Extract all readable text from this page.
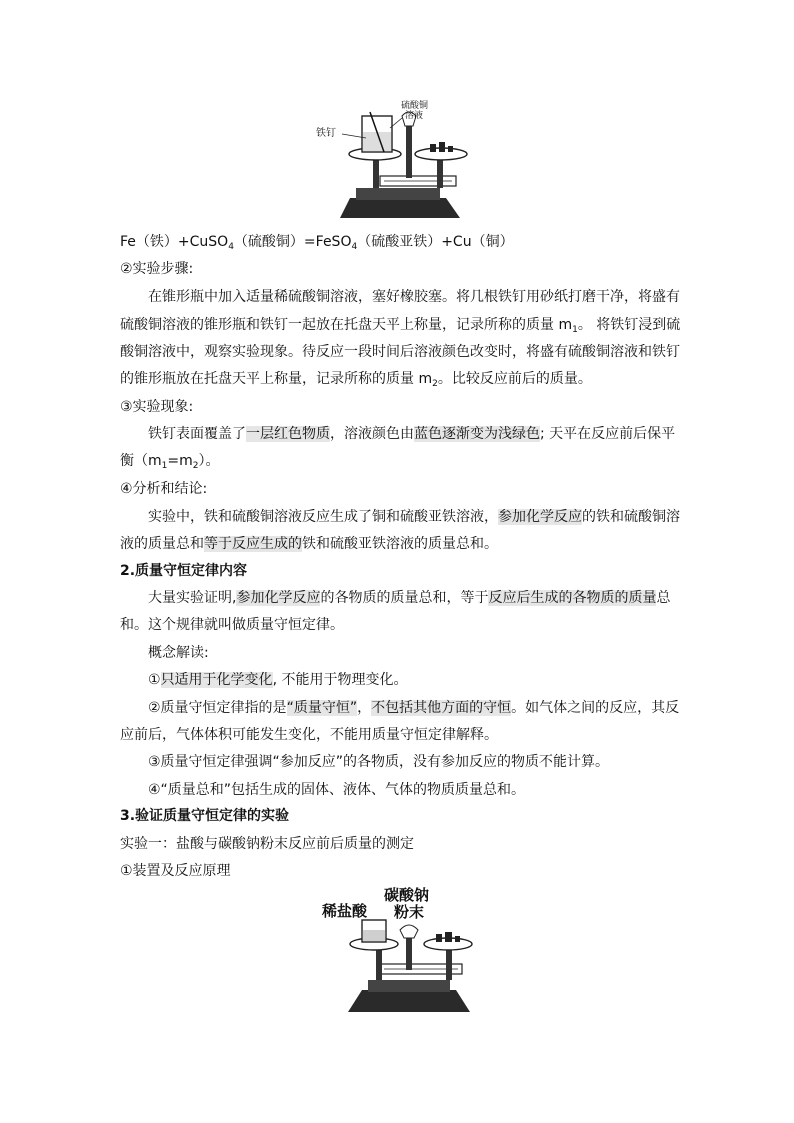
硫酸铜
溶液
铁钉
Fe（铁）+CuSO$_4$（硫酸铜）=FeSO$_4$（硫酸亚铁）+Cu（铜）
②实验步骤:
在锥形瓶中加入适量稀硫酸铜溶液，塞好橡胶塞。将几根铁钉用砂纸打磨干净，将盛有
硫酸铜溶液的锥形瓶和铁钉一起放在托盘天平上称量，记录所称的质量 $m_1$。 将铁钉浸到硫
酸铜溶液中，观察实验现象。待反应一段时间后溶液颜色改变时，将盛有硫酸铜溶液和铁钉
的锥形瓶放在托盘天平上称量，记录所称的质量 $m_2$。比较反应前后的质量。
③实验现象:
铁钉表面覆盖了一层红色物质，溶液颜色由蓝色逐渐变为浅绿色; 天平在反应前后保平
衡$(m_1=m_2)$。
④分析和结论:
实验中，铁和硫酸铜溶液反应生成了铜和硫酸亚铁溶液，参加化学反应的铁和硫酸铜溶
液的质量总和等于反应生成的铁和硫酸亚铁溶液的质量总和。
2.质量守恒定律内容
大量实验证明,参加化学反应的各物质的质量总和，等于反应后生成的各物质的质量总
和。这个规律就叫做质量守恒定律。
概念解读:
①只适用于化学变化, 不能用于物理变化。
②质量守恒定律指的是“质量守恒”，不包括其他方面的守恒。如气体之间的反应，其反
应前后，气体体积可能发生变化，不能用质量守恒定律解释。
③质量守恒定律强调“参加反应”的各物质，没有参加反应的物质不能计算。
④“质量总和”包括生成的固体、液体、气体的物质质量总和。
3.验证质量守恒定律的实验
实验一：盐酸与碳酸钠粉末反应前后质量的测定
①装置及反应原理
稀盐酸
碳酸钠
粉末
